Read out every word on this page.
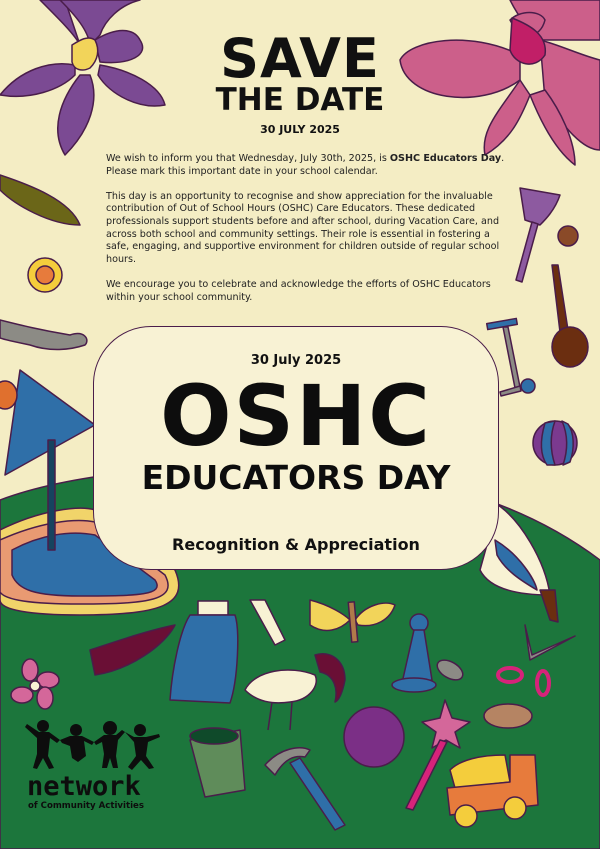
SAVE
THE DATE
30 JULY 2025

We wish to inform you that Wednesday, July 30th, 2025, is OSHC Educators Day. Please mark this important date in your school calendar.

This day is an opportunity to recognise and show appreciation for the invaluable contribution of Out of School Hours (OSHC) Care Educators. These dedicated professionals support students before and after school, during Vacation Care, and across both school and community settings. Their role is essential in fostering a safe, engaging, and supportive environment for children outside of regular school hours.

We encourage you to celebrate and acknowledge the efforts of OSHC Educators within your school community.

30 July 2025
OSHC
EDUCATORS DAY
Recognition & Appreciation
network
of Community Activities
